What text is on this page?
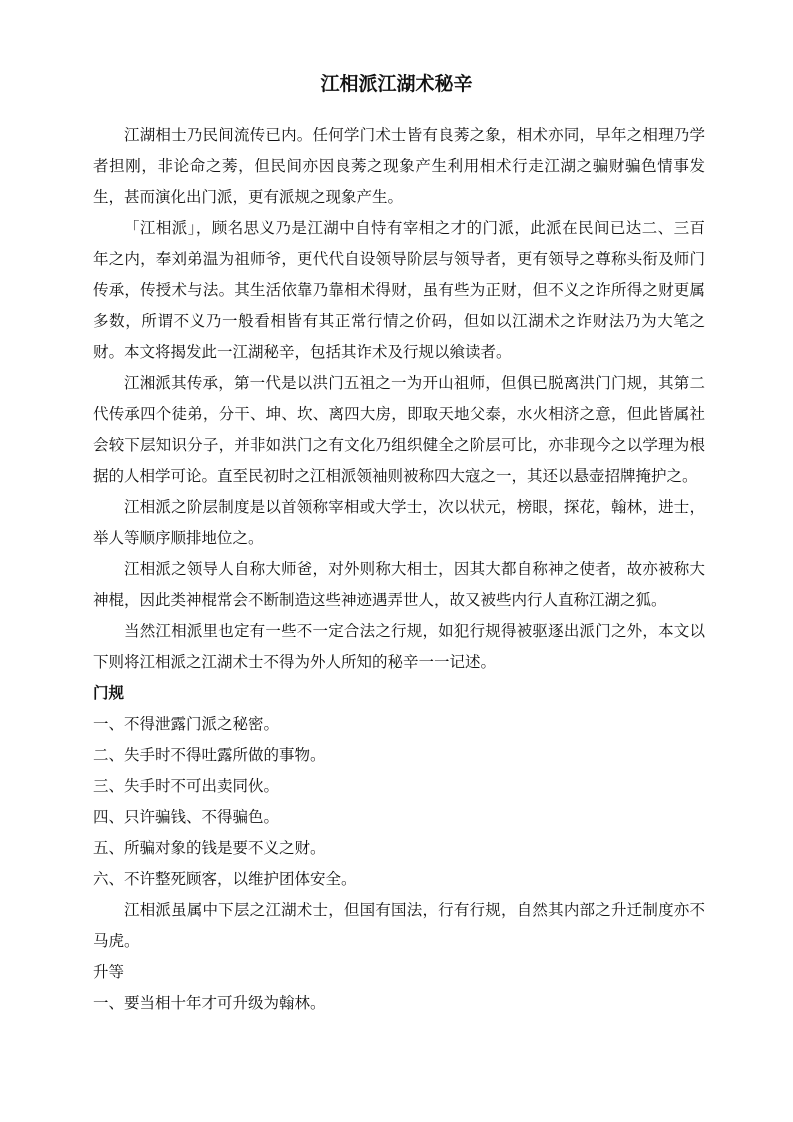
江相派江湖术秘辛

江湖相士乃民间流传已内。任何学门术士皆有良莠之象，相术亦同，早年之相理乃学者担刚，非论命之莠，但民间亦因良莠之现象产生利用相术行走江湖之骗财骗色情事发生，甚而演化出门派，更有派规之现象产生。

「江相派」，顾名思义乃是江湖中自恃有宰相之才的门派，此派在民间已达二、三百年之内，奉刘弟温为祖师爷，更代代自设领导阶层与领导者，更有领导之尊称头衔及师门传承，传授术与法。其生活依靠乃靠相术得财，虽有些为正财，但不义之诈所得之财更属多数，所谓不义乃一般看相皆有其正常行情之价码，但如以江湖术之诈财法乃为大笔之财。本文将揭发此一江湖秘辛，包括其诈术及行规以飨读者。

江湘派其传承，第一代是以洪门五祖之一为开山祖师，但俱已脱离洪门门规，其第二代传承四个徒弟，分干、坤、坎、离四大房，即取天地父泰，水火相济之意，但此皆属社会较下层知识分子，并非如洪门之有文化乃组织健全之阶层可比，亦非现今之以学理为根据的人相学可论。直至民初时之江相派领袖则被称四大寇之一，其还以悬壶招牌掩护之。

江相派之阶层制度是以首领称宰相或大学士，次以状元，榜眼，探花，翰林，进士，举人等顺序顺排地位之。

江相派之领导人自称大师爸，对外则称大相士，因其大都自称神之使者，故亦被称大神棍，因此类神棍常会不断制造这些神迹遇弄世人，故又被些内行人直称江湖之狐。

当然江相派里也定有一些不一定合法之行规，如犯行规得被驱逐出派门之外，本文以下则将江相派之江湖术士不得为外人所知的秘辛一一记述。

门规

一、不得泄露门派之秘密。

二、失手时不得吐露所做的事物。

三、失手时不可出卖同伙。

四、只许骗钱、不得骗色。

五、所骗对象的钱是要不义之财。

六、不许整死顾客，以维护团体安全。

江相派虽属中下层之江湖术士，但国有国法，行有行规，自然其内部之升迁制度亦不马虎。

升等

一、要当相十年才可升级为翰林。
